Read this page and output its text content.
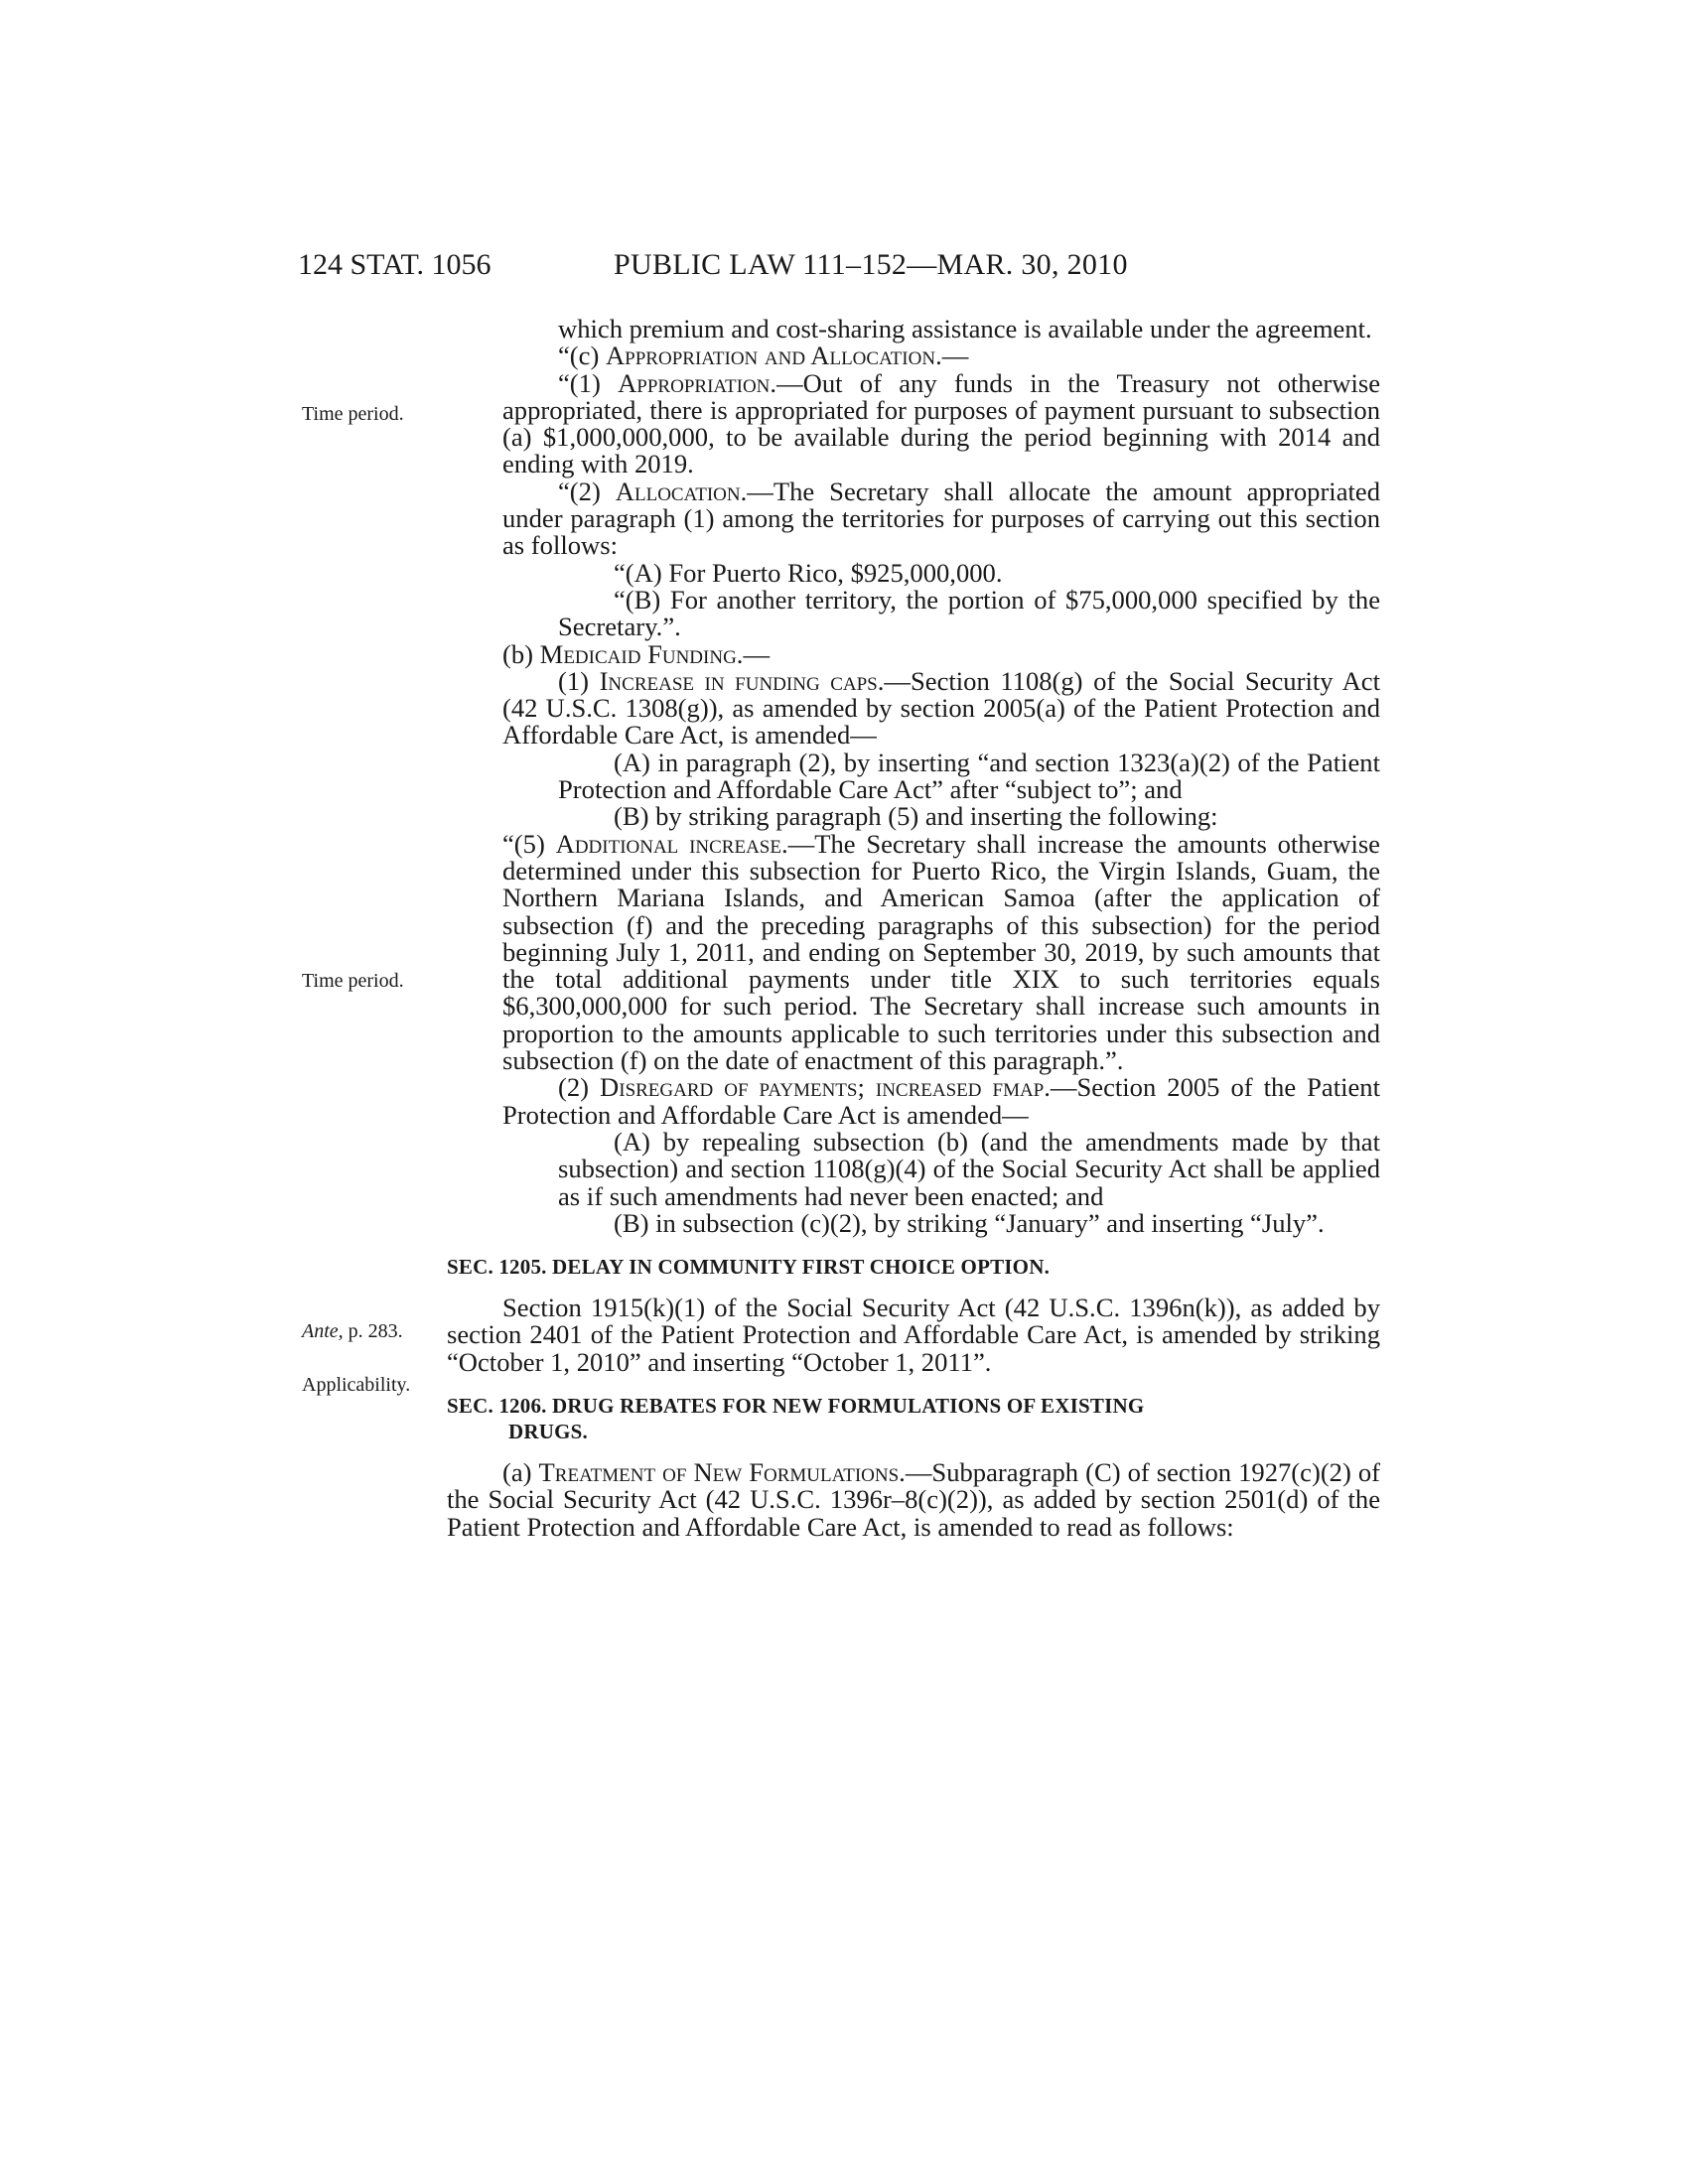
124 STAT. 1056	PUBLIC LAW 111–152—MAR. 30, 2010
Time period.
Time period.
Ante, p. 283.
Applicability.

which premium and cost-sharing assistance is available under the agreement.

“(c) Appropriation and Allocation.—

“(1) Appropriation.—Out of any funds in the Treasury not otherwise appropriated, there is appropriated for purposes of payment pursuant to subsection (a) $1,000,000,000, to be available during the period beginning with 2014 and ending with 2019.

“(2) Allocation.—The Secretary shall allocate the amount appropriated under paragraph (1) among the territories for purposes of carrying out this section as follows:

“(A) For Puerto Rico, $925,000,000.

“(B) For another territory, the portion of $75,000,000 specified by the Secretary.”.

(b) Medicaid Funding.—

(1) Increase in funding caps.—Section 1108(g) of the Social Security Act (42 U.S.C. 1308(g)), as amended by section 2005(a) of the Patient Protection and Affordable Care Act, is amended—

(A) in paragraph (2), by inserting “and section 1323(a)(2) of the Patient Protection and Affordable Care Act” after “subject to”; and

(B) by striking paragraph (5) and inserting the following:

“(5) Additional increase.—The Secretary shall increase the amounts otherwise determined under this subsection for Puerto Rico, the Virgin Islands, Guam, the Northern Mariana Islands, and American Samoa (after the application of subsection (f) and the preceding paragraphs of this subsection) for the period beginning July 1, 2011, and ending on September 30, 2019, by such amounts that the total additional payments under title XIX to such territories equals $6,300,000,000 for such period. The Secretary shall increase such amounts in proportion to the amounts applicable to such territories under this subsection and subsection (f) on the date of enactment of this paragraph.”.

(2) Disregard of payments; increased fmap.—Section 2005 of the Patient Protection and Affordable Care Act is amended—

(A) by repealing subsection (b) (and the amendments made by that subsection) and section 1108(g)(4) of the Social Security Act shall be applied as if such amendments had never been enacted; and

(B) in subsection (c)(2), by striking “January” and inserting “July”.

SEC. 1205. DELAY IN COMMUNITY FIRST CHOICE OPTION.

Section 1915(k)(1) of the Social Security Act (42 U.S.C. 1396n(k)), as added by section 2401 of the Patient Protection and Affordable Care Act, is amended by striking “October 1, 2010” and inserting “October 1, 2011”.

SEC. 1206. DRUG REBATES FOR NEW FORMULATIONS OF EXISTING
DRUGS.

(a) Treatment of New Formulations.—Subparagraph (C) of section 1927(c)(2) of the Social Security Act (42 U.S.C. 1396r–8(c)(2)), as added by section 2501(d) of the Patient Protection and Affordable Care Act, is amended to read as follows:
